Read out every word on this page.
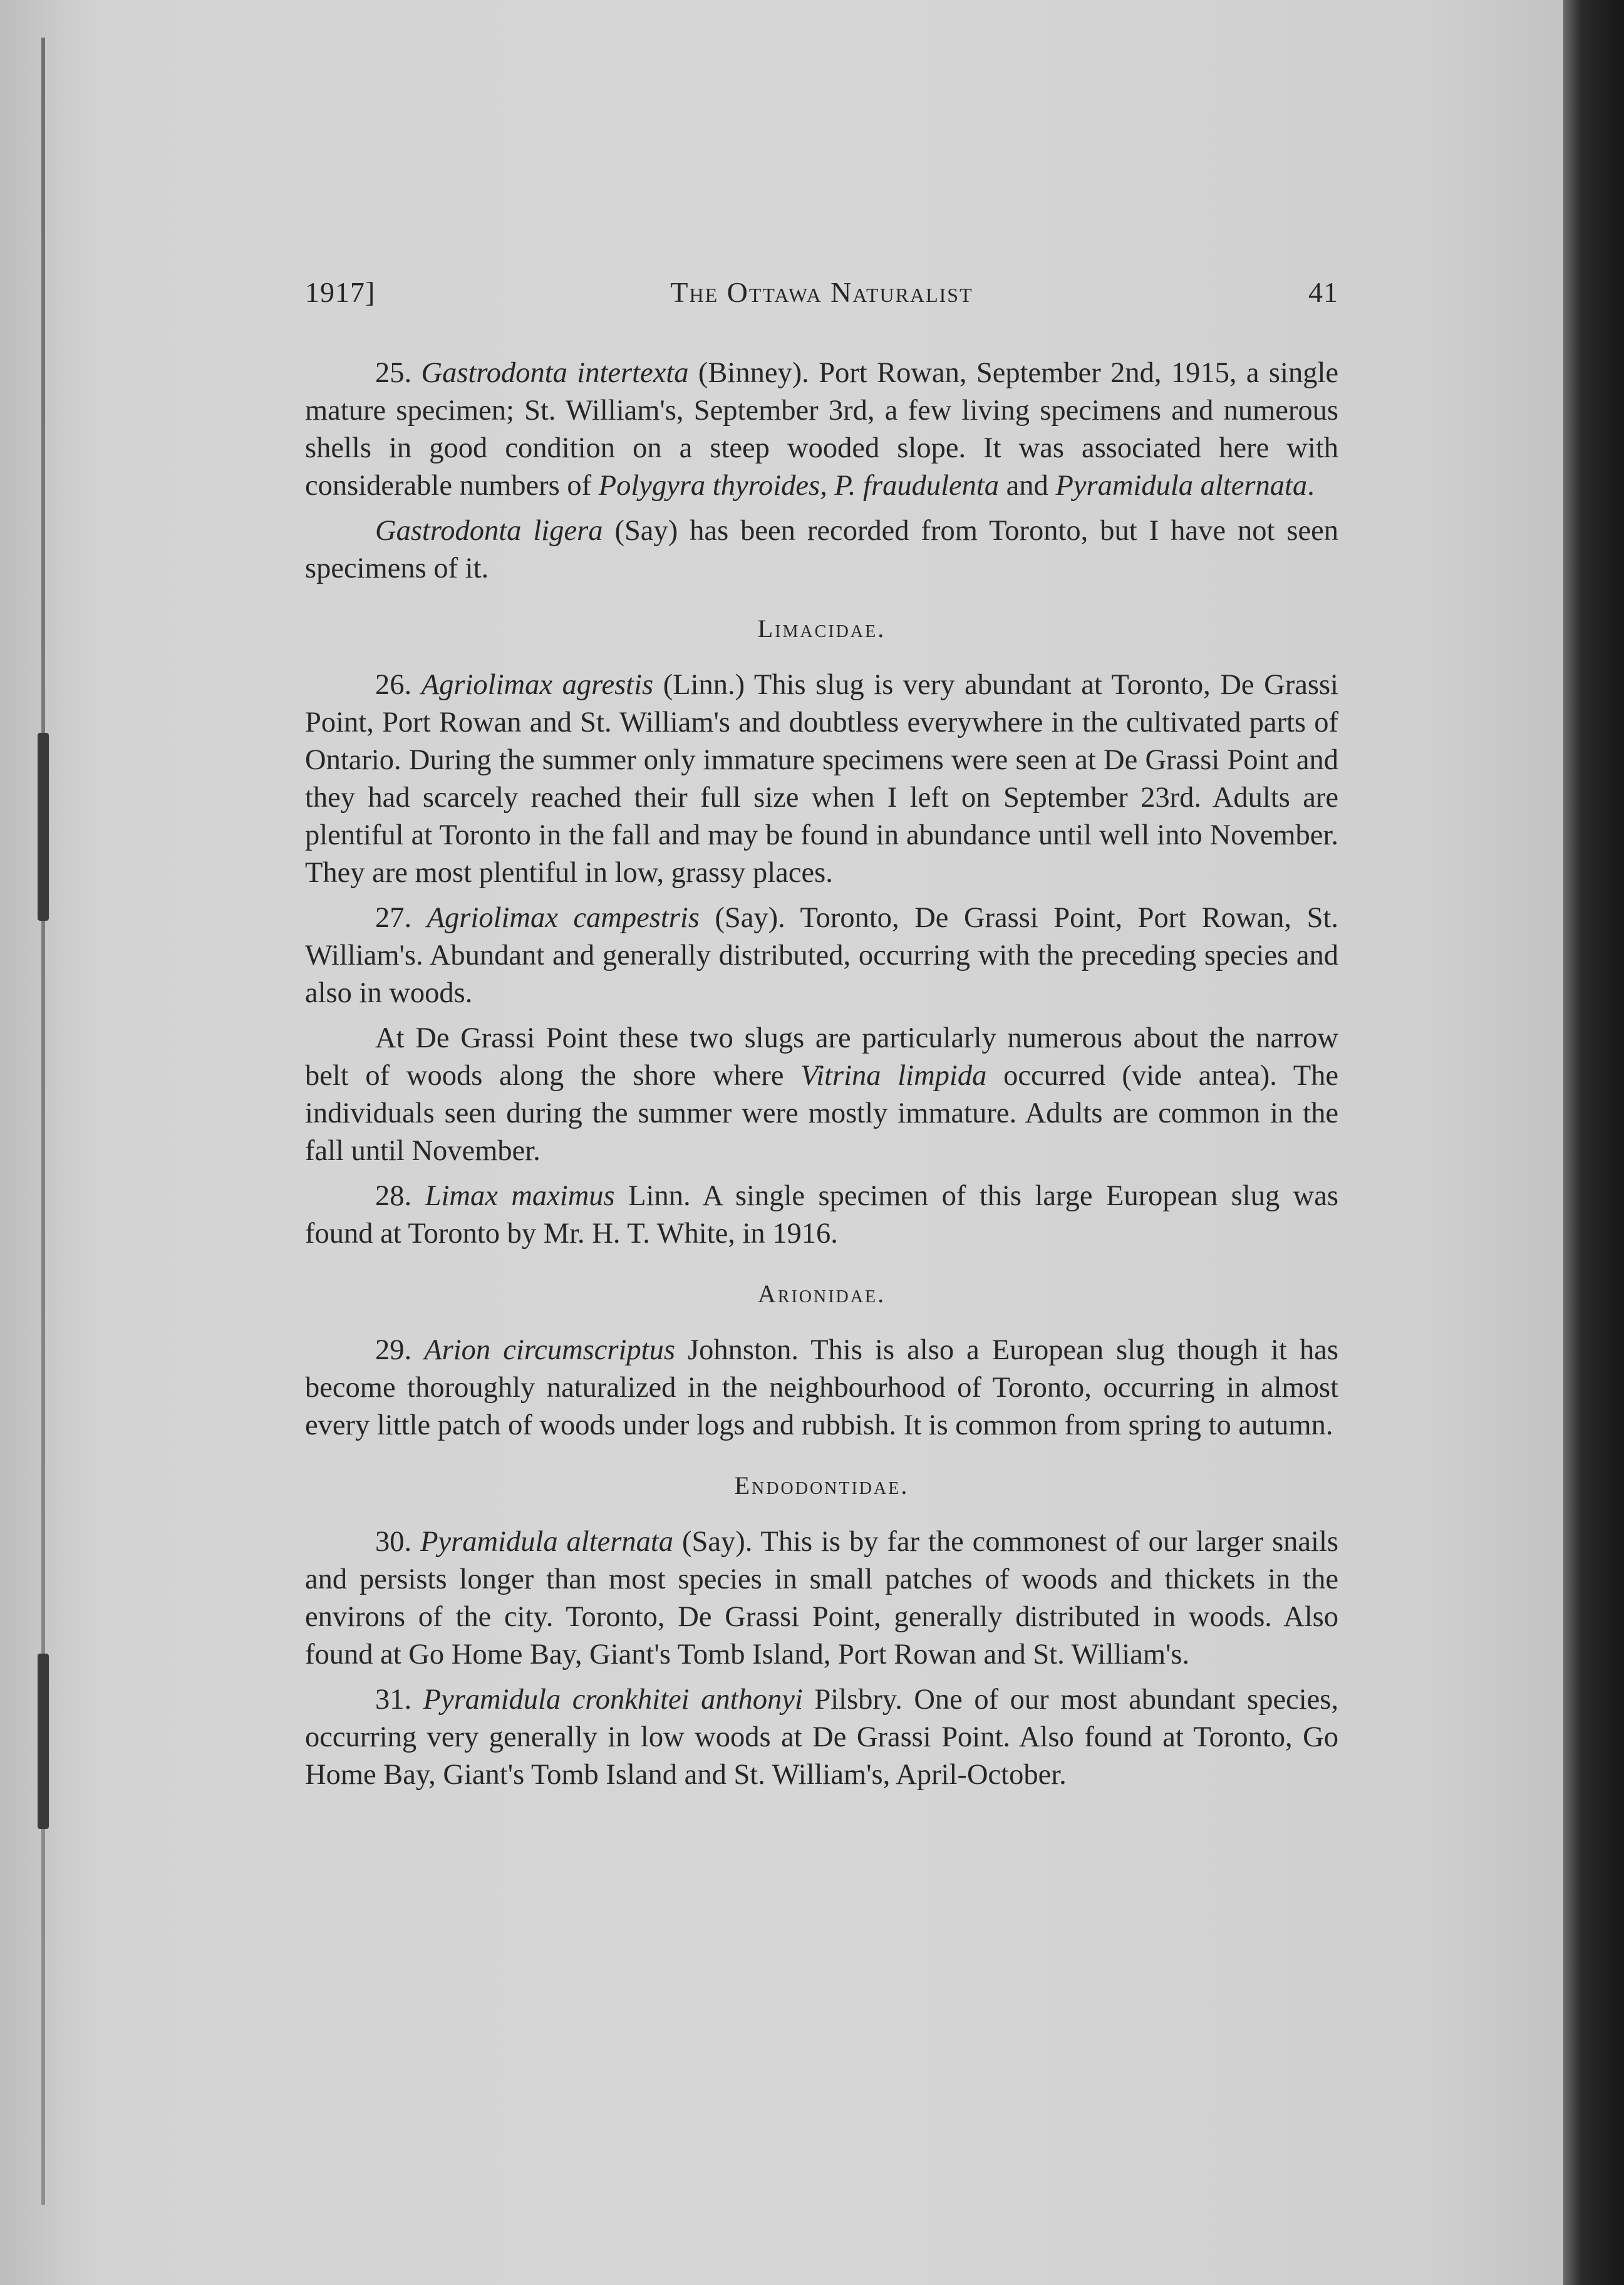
1917]	The Ottawa Naturalist	41

25. Gastrodonta intertexta (Binney). Port Rowan, September 2nd, 1915, a single mature specimen; St. William's, September 3rd, a few living specimens and numerous shells in good condition on a steep wooded slope. It was associated here with considerable numbers of Polygyra thyroides, P. fraudulenta and Pyramidula alternata.

Gastrodonta ligera (Say) has been recorded from Toronto, but I have not seen specimens of it.

Limacidae.

26. Agriolimax agrestis (Linn.) This slug is very abundant at Toronto, De Grassi Point, Port Rowan and St. William's and doubtless everywhere in the cultivated parts of Ontario. During the summer only immature specimens were seen at De Grassi Point and they had scarcely reached their full size when I left on September 23rd. Adults are plentiful at Toronto in the fall and may be found in abundance until well into November. They are most plentiful in low, grassy places.

27. Agriolimax campestris (Say). Toronto, De Grassi Point, Port Rowan, St. William's. Abundant and generally distributed, occurring with the preceding species and also in woods.

At De Grassi Point these two slugs are particularly numerous about the narrow belt of woods along the shore where Vitrina limpida occurred (vide antea). The individuals seen during the summer were mostly immature. Adults are common in the fall until November.

28. Limax maximus Linn. A single specimen of this large European slug was found at Toronto by Mr. H. T. White, in 1916.

Arionidae.

29. Arion circumscriptus Johnston. This is also a European slug though it has become thoroughly naturalized in the neighbourhood of Toronto, occurring in almost every little patch of woods under logs and rubbish. It is common from spring to autumn.

Endodontidae.

30. Pyramidula alternata (Say). This is by far the commonest of our larger snails and persists longer than most species in small patches of woods and thickets in the environs of the city. Toronto, De Grassi Point, generally distributed in woods. Also found at Go Home Bay, Giant's Tomb Island, Port Rowan and St. William's.

31. Pyramidula cronkhitei anthonyi Pilsbry. One of our most abundant species, occurring very generally in low woods at De Grassi Point. Also found at Toronto, Go Home Bay, Giant's Tomb Island and St. William's, April-October.
